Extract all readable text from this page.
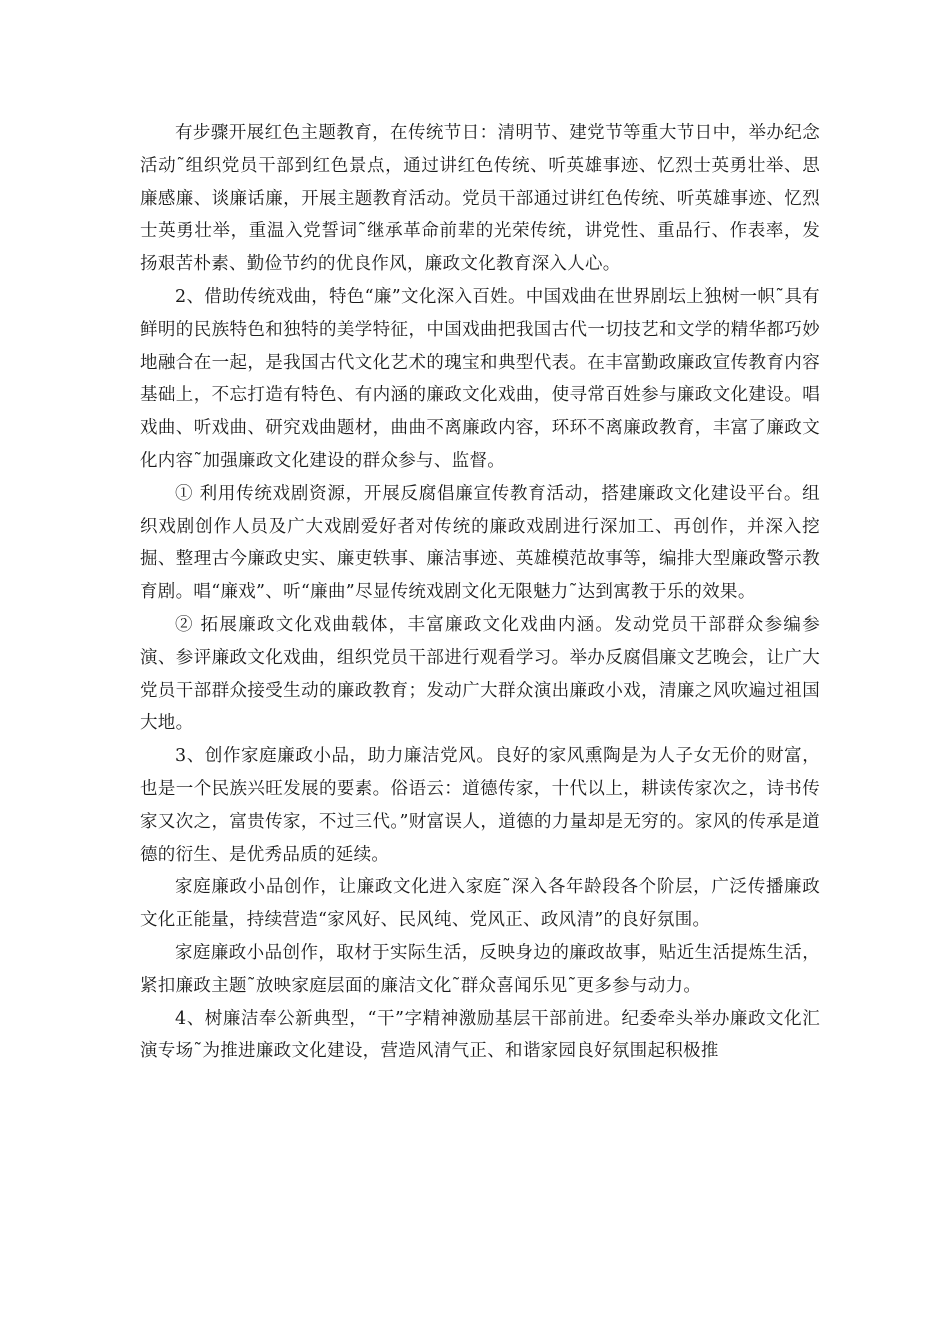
有步骤开展红色主题教育，在传统节日：清明节、建党节等重大节日中，举办纪念活动˜组织党员干部到红色景点，通过讲红色传统、听英雄事迹、忆烈士英勇壮举、思廉感廉、谈廉话廉，开展主题教育活动。党员干部通过讲红色传统、听英雄事迹、忆烈士英勇壮举，重温入党誓词˜继承革命前辈的光荣传统，讲党性、重品行、作表率，发扬艰苦朴素、勤俭节约的优良作风，廉政文化教育深入人心。

2、借助传统戏曲，特色“廉”文化深入百姓。中国戏曲在世界剧坛上独树一帜˜具有鲜明的民族特色和独特的美学特征，中国戏曲把我国古代一切技艺和文学的精华都巧妙地融合在一起，是我国古代文化艺术的瑰宝和典型代表。在丰富勤政廉政宣传教育内容基础上，不忘打造有特色、有内涵的廉政文化戏曲，使寻常百姓参与廉政文化建设。唱戏曲、听戏曲、研究戏曲题材，曲曲不离廉政内容，环环不离廉政教育，丰富了廉政文化内容˜加强廉政文化建设的群众参与、监督。

① 利用传统戏剧资源，开展反腐倡廉宣传教育活动，搭建廉政文化建设平台。组织戏剧创作人员及广大戏剧爱好者对传统的廉政戏剧进行深加工、再创作，并深入挖掘、整理古今廉政史实、廉吏轶事、廉洁事迹、英雄模范故事等，编排大型廉政警示教育剧。唱“廉戏”、听“廉曲”尽显传统戏剧文化无限魅力˜达到寓教于乐的效果。

② 拓展廉政文化戏曲载体，丰富廉政文化戏曲内涵。发动党员干部群众参编参演、参评廉政文化戏曲，组织党员干部进行观看学习。举办反腐倡廉文艺晚会，让广大党员干部群众接受生动的廉政教育；发动广大群众演出廉政小戏，清廉之风吹遍过祖国大地。

3、创作家庭廉政小品，助力廉洁党风。良好的家风熏陶是为人子女无价的财富，也是一个民族兴旺发展的要素。俗语云：道德传家，十代以上，耕读传家次之，诗书传家又次之，富贵传家，不过三代。”财富误人，道德的力量却是无穷的。家风的传承是道德的衍生、是优秀品质的延续。

家庭廉政小品创作，让廉政文化进入家庭˜深入各年龄段各个阶层，广泛传播廉政文化正能量，持续营造“家风好、民风纯、党风正、政风清”的良好氛围。

家庭廉政小品创作，取材于实际生活，反映身边的廉政故事，贴近生活提炼生活，紧扣廉政主题˜放映家庭层面的廉洁文化˜群众喜闻乐见˜更多参与动力。

4、树廉洁奉公新典型，“干”字精神激励基层干部前进。纪委牵头举办廉政文化汇演专场˜为推进廉政文化建设，营造风清气正、和谐家园良好氛围起积极推
